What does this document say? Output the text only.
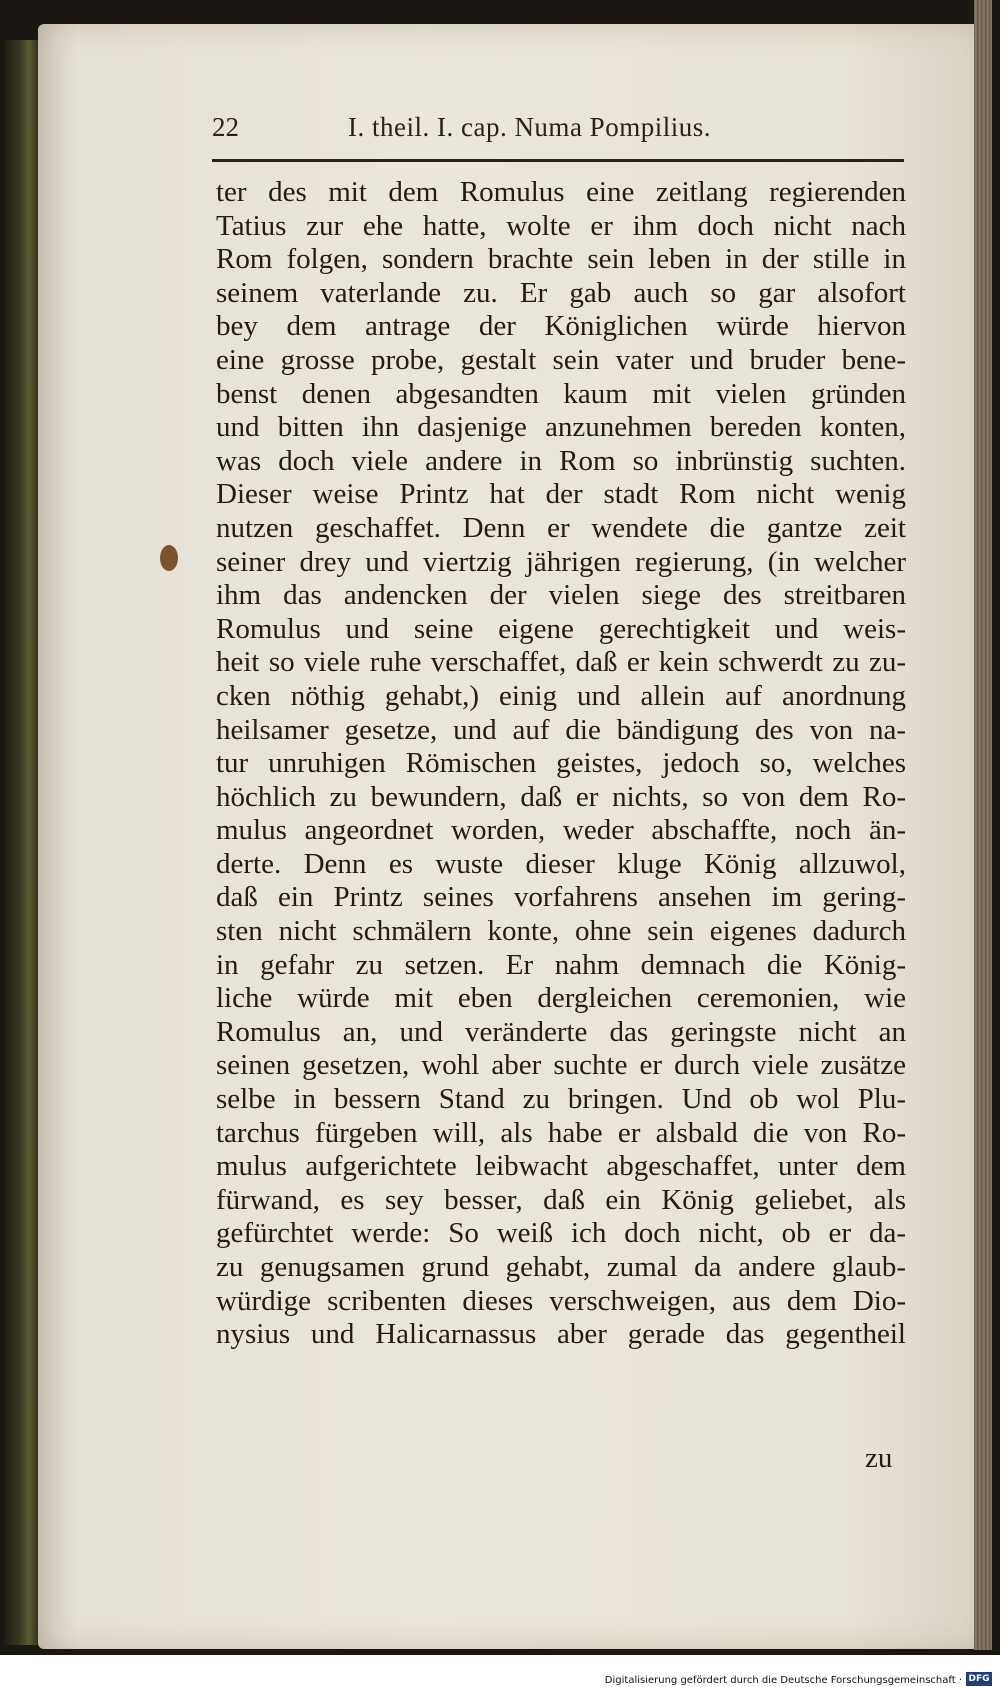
22	I. theil. I. cap. Numa Pompilius.
ter des mit dem Romulus eine zeitlang regierenden
Tatius zur ehe hatte, wolte er ihm doch nicht nach
Rom folgen, sondern brachte sein leben in der stille in
seinem vaterlande zu. Er gab auch so gar alsofort
bey dem antrage der Königlichen würde hiervon
eine grosse probe, gestalt sein vater und bruder bene-
benst denen abgesandten kaum mit vielen gründen
und bitten ihn dasjenige anzunehmen bereden konten,
was doch viele andere in Rom so inbrünstig suchten.
Dieser weise Printz hat der stadt Rom nicht wenig
nutzen geschaffet. Denn er wendete die gantze zeit
seiner drey und viertzig jährigen regierung, (in welcher
ihm das andencken der vielen siege des streitbaren
Romulus und seine eigene gerechtigkeit und weis-
heit so viele ruhe verschaffet, daß er kein schwerdt zu zu-
cken nöthig gehabt,) einig und allein auf anordnung
heilsamer gesetze, und auf die bändigung des von na-
tur unruhigen Römischen geistes, jedoch so, welches
höchlich zu bewundern, daß er nichts, so von dem Ro-
mulus angeordnet worden, weder abschaffte, noch än-
derte. Denn es wuste dieser kluge König allzuwol,
daß ein Printz seines vorfahrens ansehen im gering-
sten nicht schmälern konte, ohne sein eigenes dadurch
in gefahr zu setzen. Er nahm demnach die König-
liche würde mit eben dergleichen ceremonien, wie
Romulus an, und veränderte das geringste nicht an
seinen gesetzen, wohl aber suchte er durch viele zusätze
selbe in bessern Stand zu bringen. Und ob wol Plu-
tarchus fürgeben will, als habe er alsbald die von Ro-
mulus aufgerichtete leibwacht abgeschaffet, unter dem
fürwand, es sey besser, daß ein König geliebet, als
gefürchtet werde: So weiß ich doch nicht, ob er da-
zu genugsamen grund gehabt, zumal da andere glaub-
würdige scribenten dieses verschweigen, aus dem Dio-
nysius und Halicarnassus aber gerade das gegentheil
zu
Digitalisierung gefördert durch die Deutsche Forschungsgemeinschaft · DFG
